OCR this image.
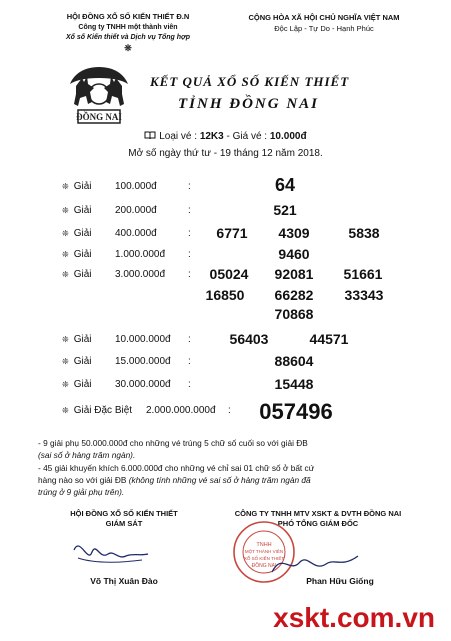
HỘI ĐỒNG XỔ SỐ KIẾN THIẾT Đ.N
Công ty TNHH một thành viên
Xổ số Kiến thiết và Dịch vụ Tổng hợp
❊
CỘNG HÒA XÃ HỘI CHỦ NGHĨA VIỆT NAM
Độc Lập - Tự Do - Hạnh Phúc
ĐỒNG NAI
KẾT QUẢ XỔ SỐ KIẾN THIẾT
TỈNH ĐỒNG NAI
Loại vé : 12K3 - Giá vé : 10.000đ
Mở số ngày thứ tư - 19 tháng 12 năm 2018.
❊ Giải 100.000đ	:	64
❊ Giải 200.000đ	:	521
❊ Giải 400.000đ	: 6771 4309	5838
❊ Giải 1.000.000đ :	9460
❊ Giải 3.000.000đ : 05024 92081 51661
16850 66282 33343
70868
❊ Giải 10.000.000đ :	56403	44571
❊ Giải 15.000.000đ :	88604
❊ Giải 30.000.000đ :	15448
❊ Giải Đặc Biệt 2.000.000.000đ : 057496

- 9 giải phụ 50.000.000đ cho những vé trúng 5 chữ số cuối so với giải ĐB
(sai số ở hàng trăm ngàn).

- 45 giải khuyến khích 6.000.000đ cho những vé chỉ sai 01 chữ số ở bất cứ
hàng nào so với giải ĐB (không tính những vé sai số ở hàng trăm ngàn đã
trúng ở 9 giải phụ trên).

HỘI ĐỒNG XỔ SỐ KIẾN THIẾT
GIÁM SÁT
CÔNG TY TNHH MTV XSKT & DVTH ĐỒNG NAI
PHÓ TỔNG GIÁM ĐỐC
TNHH
MỘT THÀNH VIÊN
XỔ SỐ KIẾN THIẾT
ĐỒNG NAI
Võ Thị Xuân Đào	Phan Hữu Giống
xskt.com.vn
